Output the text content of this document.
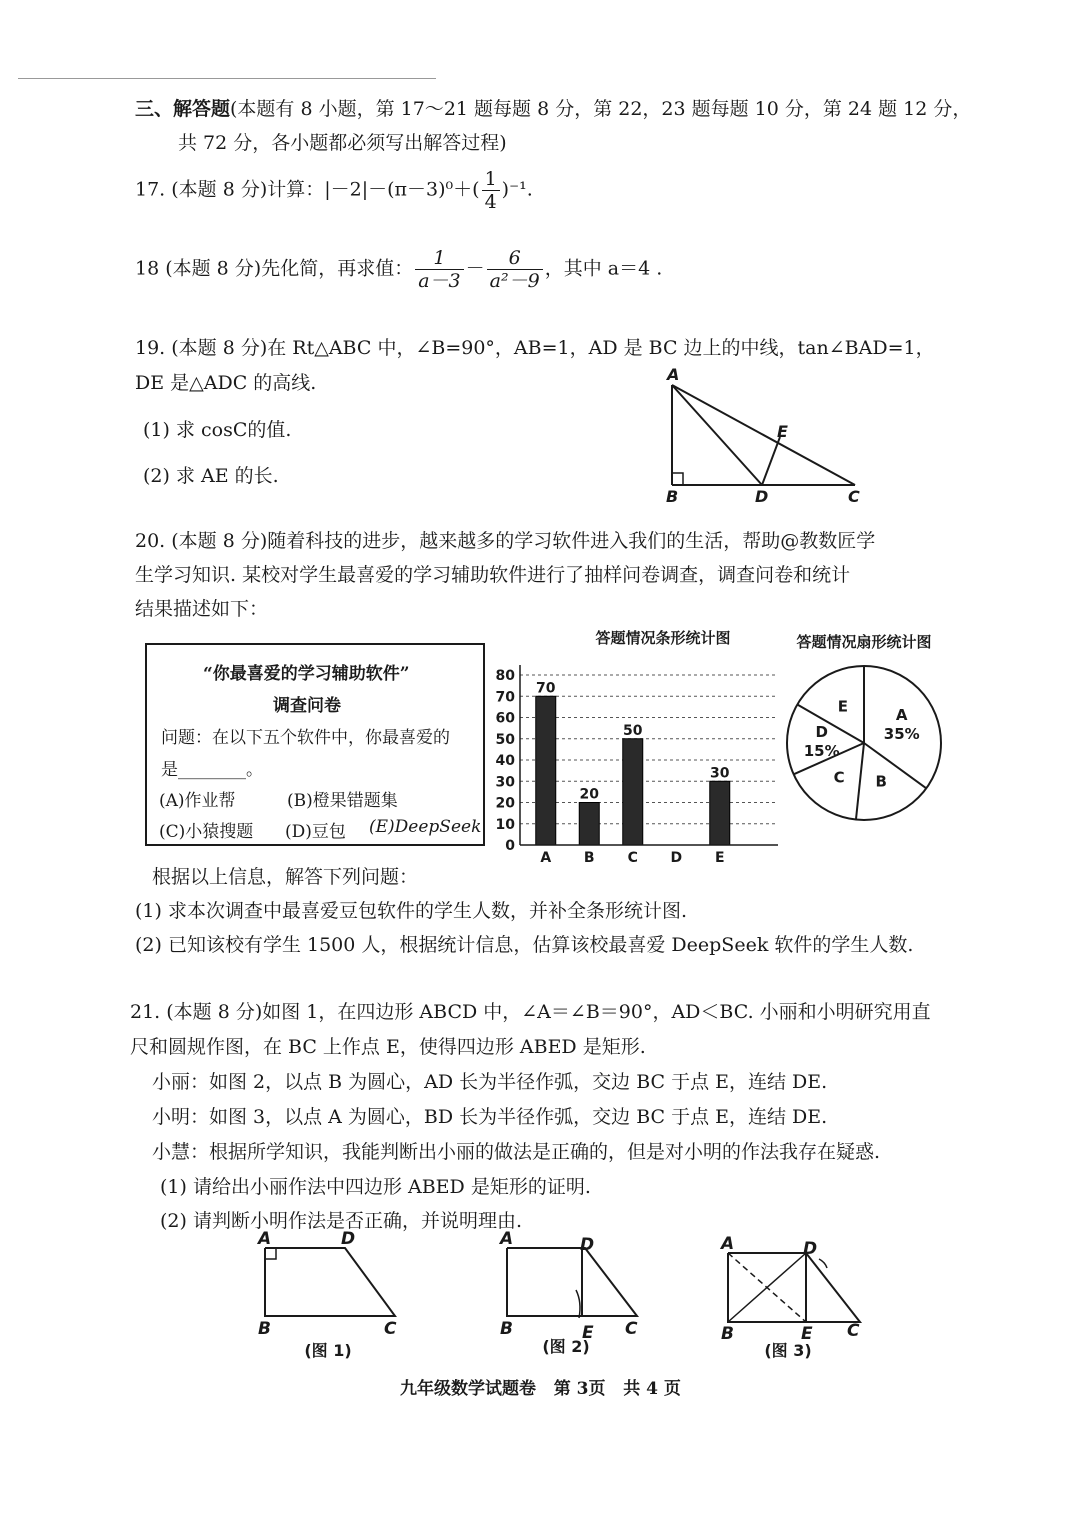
三、解答题(本题有 8 小题，第 17～21 题每题 8 分，第 22，23 题每题 10 分，第 24 题 12 分，
共 72 分，各小题都必须写出解答过程)
17. (本题 8 分)计算：$|-2|-(\pi-3)^0+( \frac{1}{4} )^{-1}$.
18 (本题 8 分)先化简，再求值： $\frac{1}{a-3} - \frac{6}{\text{a²－9}}$ ，其中 a＝4 .
19. (本题 8 分)在 Rt△ABC 中，∠B=90°，AB=1，AD 是 BC 边上的中线，tan∠BAD=1，
DE 是△ADC 的高线.
(1) 求 cosC的值.
(2) 求 AE 的长.
A
E
B	D	C
20. (本题 8 分)随着科技的进步，越来越多的学习软件进入我们的生活，帮助@教数匠学
生学习知识. 某校对学生最喜爱的学习辅助软件进行了抽样问卷调查，调查问卷和统计
结果描述如下：
“你最喜爱的学习辅助软件”
调查问卷
问题：在以下五个软件中，你最喜爱的
是________。
(A)作业帮	(B)橙果错题集
(C)小猿搜题 (D)豆包 (E)DeepSeek
答题情况条形统计图
0
10
20
30
40
50
60
70
80
70
20
50
30
A B C D E
答题情况扇形统计图
A
35%
B
C
D
15%
E
根据以上信息，解答下列问题：
(1) 求本次调查中最喜爱豆包软件的学生人数，并补全条形统计图.
(2) 已知该校有学生 1500 人，根据统计信息，估算该校最喜爱 DeepSeek 软件的学生人数.
21. (本题 8 分)如图 1，在四边形 ABCD 中，∠A＝∠B＝90°，AD＜BC. 小丽和小明研究用直
尺和圆规作图，在 BC 上作点 E，使得四边形 ABED 是矩形.
小丽：如图 2，以点 B 为圆心，AD 长为半径作弧，交边 BC 于点 E，连结 DE.
小明：如图 3，以点 A 为圆心，BD 长为半径作弧，交边 BC 于点 E，连结 DE.
小慧：根据所学知识，我能判断出小丽的做法是正确的，但是对小明的作法我存在疑惑.
(1) 请给出小丽作法中四边形 ABED 是矩形的证明.
(2) 请判断小明作法是否正确，并说明理由.
A	D
B	C
(图 1)
A	D
B	E C
(图 2)
A	D
B	E C
(图 3)
九年级数学试题卷   第 3页   共 4 页
